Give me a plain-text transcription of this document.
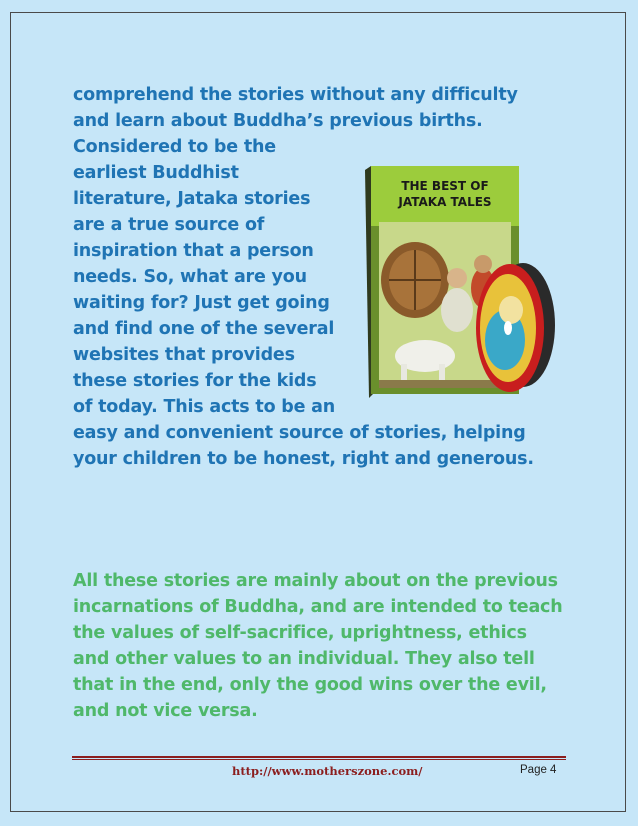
comprehend the stories without any difficulty
and learn about Buddha’s previous births.
Considered to be the
earliest Buddhist
literature, Jataka stories
are a true source of
inspiration that a person
needs. So, what are you
waiting for? Just get going
and find one of the several
websites that provides
these stories for the kids
of today. This acts to be an
easy and convenient source of stories, helping
your children to be honest, right and generous.

THE BEST OF
JATAKA TALES

All these stories are mainly about on the previous
incarnations of Buddha, and are intended to teach
the values of self-sacrifice, uprightness, ethics
and other values to an individual. They also tell
that in the end, only the good wins over the evil,
and not vice versa.

http://www.motherszone.com/	Page 4
